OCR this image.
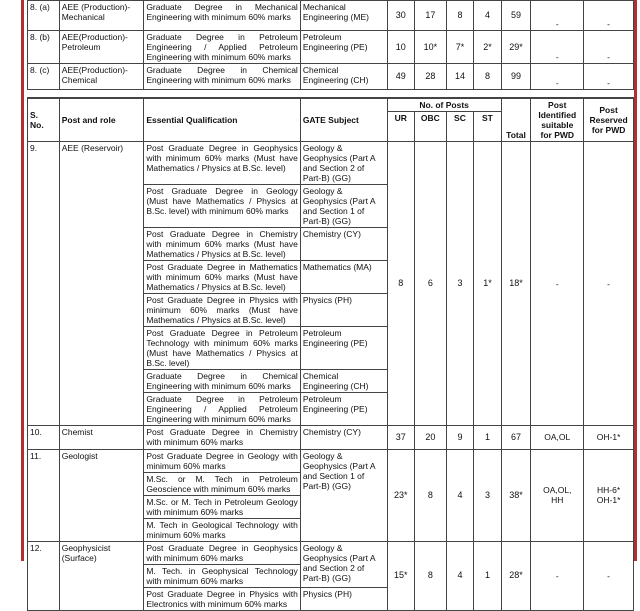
8. (a)	AEE (Production)-
Mechanical	Graduate Degree in Mechanical Engineering with minimum 60% marks	Mechanical Engineering (ME)	30	17	8	4	59	-	-
8. (b)	AEE(Production)-
Petroleum	Graduate Degree in Petroleum Engineering / Applied Petroleum Engineering with minimum 60% marks	Petroleum Engineering (PE)	10	10*	7*	2*	29*	-	-
8. (c)	AEE(Production)-
Chemical	Graduate Degree in Chemical Engineering with minimum 60% marks	Chemical Engineering (CH)	49	28	14	8	99	-	-
S.
No.	Post and role	Essential Qualification	GATE Subject	No. of Posts				Total	Post
Identified
suitable
for PWD	Post
Reserved
for PWD
				UR	OBC	SC	ST			
9.	AEE (Reservoir)	Post Graduate Degree in Geophysics with minimum 60% marks (Must have Mathematics / Physics at B.Sc. level)	Geology & Geophysics (Part A and Section 2 of Part-B) (GG)	8	6	3	1*	18*	-	-
		Post Graduate Degree in Geology (Must have Mathematics / Physics at B.Sc. level) with minimum 60% marks	Geology & Geophysics (Part A and Section 1 of Part-B) (GG)							
		Post Graduate Degree in Chemistry with minimum 60% marks (Must have Mathematics / Physics at B.Sc. level)	Chemistry (CY)							
		Post Graduate Degree in Mathematics with minimum 60% marks (Must have Mathematics / Physics at B.Sc. level)	Mathematics (MA)							
		Post Graduate Degree in Physics with minimum 60% marks (Must have Mathematics / Physics at B.Sc. level)	Physics (PH)							
		Post Graduate Degree in Petroleum Technology with minimum 60% marks (Must have Mathematics / Physics at B.Sc. level)	Petroleum Engineering (PE)							
		Graduate Degree in Chemical Engineering with minimum 60% marks	Chemical Engineering (CH)							
		Graduate Degree in Petroleum Engineering / Applied Petroleum Engineering with minimum 60% marks	Petroleum Engineering (PE)							
10.	Chemist	Post Graduate Degree in Chemistry with minimum 60% marks	Chemistry (CY)	37	20	9	1	67	OA,OL	OH-1*
11.	Geologist	Post Graduate Degree in Geology with minimum 60% marks	Geology & Geophysics (Part A and Section 1 of Part-B) (GG)	23*	8	4	3	38*	OA,OL,
HH	HH-6*
OH-1*
		M.Sc. or M. Tech in Petroleum Geoscience with minimum 60% marks								
		M.Sc. or M. Tech in Petroleum Geology with minimum 60% marks								
		M. Tech in Geological Technology with minimum 60% marks								
12.	Geophysicist
(Surface)	Post Graduate Degree in Geophysics with minimum 60% marks	Geology & Geophysics (Part A and Section 2 of Part-B) (GG)	15*	8	4	1	28*	-	-
		M. Tech. in Geophysical Technology with minimum 60% marks								
		Post Graduate Degree in Physics with Electronics with minimum 60% marks	Physics (PH)							
